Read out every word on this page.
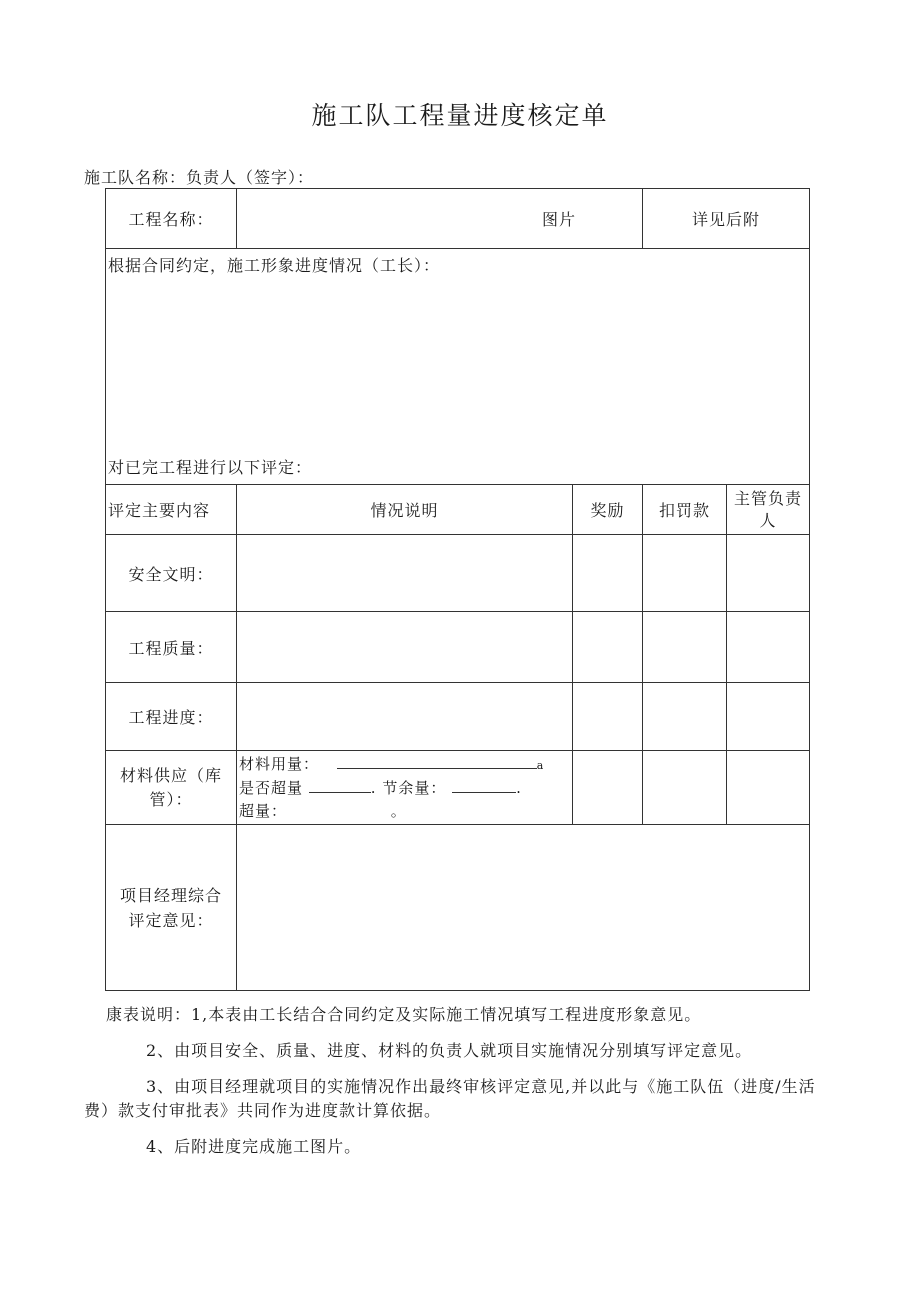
施工队工程量进度核定单
施工队名称：负责人（签字）：
工程名称：	图片		详见后附	

根据合同约定，施工形象进度情况（工长）：
对已完工程进行以下评定：				

评定主要内容	情况说明	奖励	扣罚款	主管负责人
安全文明：				
工程质量：				
工程进度：				
材料供应（库管）：	材料用量： a
是否超量 . 节余量： .
超量： 。			

项目经理综合评定意见：				

康表说明：1,本表由工长结合合同约定及实际施工情况填写工程进度形象意见。

2、由项目安全、质量、进度、材料的负责人就项目实施情况分别填写评定意见。

3、由项目经理就项目的实施情况作出最终审核评定意见,并以此与《施工队伍（进度/生活费）款支付审批表》共同作为进度款计算依据。

4、后附进度完成施工图片。
